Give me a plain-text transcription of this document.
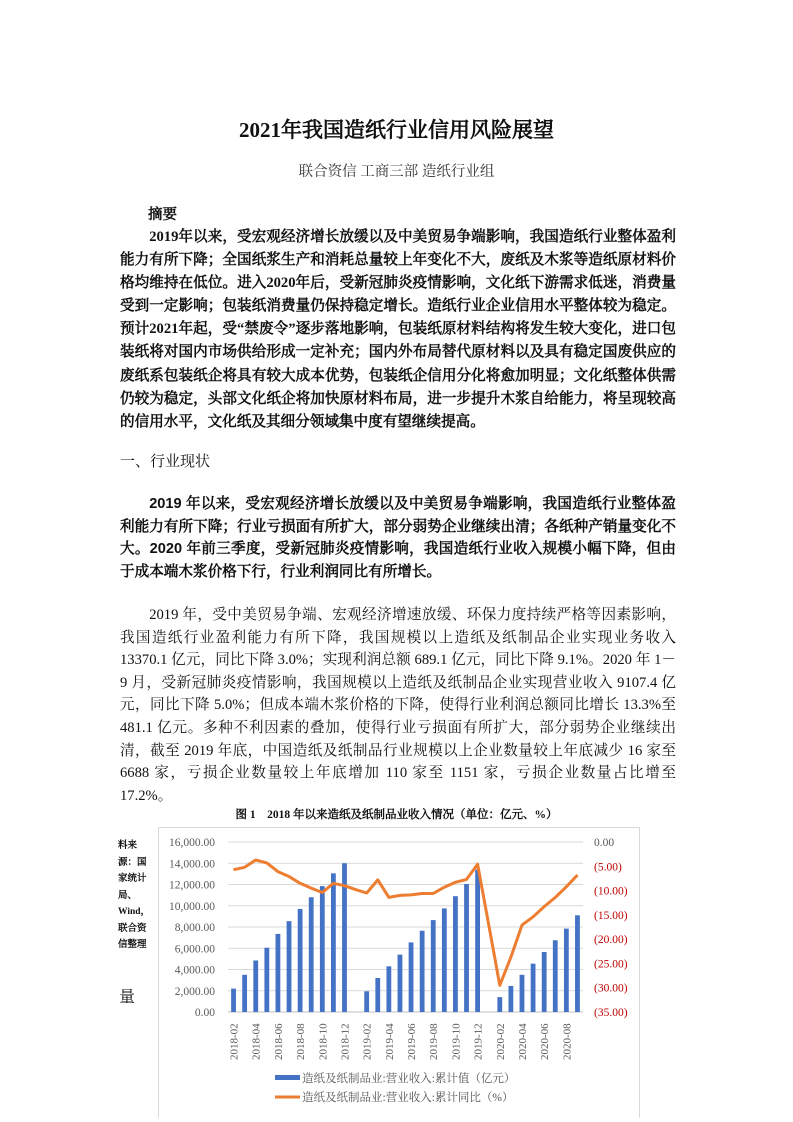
2021年我国造纸行业信用风险展望
联合资信 工商三部 造纸行业组
摘要

2019年以来，受宏观经济增长放缓以及中美贸易争端影响，我国造纸行业整体盈利能力有所下降；全国纸浆生产和消耗总量较上年变化不大，废纸及木浆等造纸原材料价格均维持在低位。进入2020年后，受新冠肺炎疫情影响，文化纸下游需求低迷，消费量受到一定影响；包装纸消费量仍保持稳定增长。造纸行业企业信用水平整体较为稳定。预计2021年起，受“禁废令”逐步落地影响，包装纸原材料结构将发生较大变化，进口包装纸将对国内市场供给形成一定补充；国内外布局替代原材料以及具有稳定国废供应的废纸系包装纸企将具有较大成本优势，包装纸企信用分化将愈加明显；文化纸整体供需仍较为稳定，头部文化纸企将加快原材料布局，进一步提升木浆自给能力，将呈现较高的信用水平，文化纸及其细分领域集中度有望继续提高。

一、行业现状

2019 年以来，受宏观经济增长放缓以及中美贸易争端影响，我国造纸行业整体盈利能力有所下降；行业亏损面有所扩大，部分弱势企业继续出清；各纸种产销量变化不大。2020 年前三季度，受新冠肺炎疫情影响，我国造纸行业收入规模小幅下降，但由于成本端木浆价格下行，行业利润同比有所增长。

2019 年，受中美贸易争端、宏观经济增速放缓、环保力度持续严格等因素影响，我国造纸行业盈利能力有所下降，我国规模以上造纸及纸制品企业实现业务收入 13370.1 亿元，同比下降 3.0%；实现利润总额 689.1 亿元，同比下降 9.1%。2020 年 1－9 月，受新冠肺炎疫情影响，我国规模以上造纸及纸制品企业实现营业收入 9107.4 亿元，同比下降 5.0%；但成本端木浆价格的下降，使得行业利润总额同比增长 13.3%至 481.1 亿元。多种不利因素的叠加，使得行业亏损面有所扩大，部分弱势企业继续出清，截至 2019 年底，中国造纸及纸制品行业规模以上企业数量较上年底减少 16 家至 6688 家，亏损企业数量较上年底增加 110 家至 1151 家，亏损企业数量占比增至 17.2%。

图 1　2018 年以来造纸及纸制品业收入情况（单位：亿元、%）
料来源：国家统计局、Wind，联合资信整理
量
0.00
2,000.00
4,000.00
6,000.00
8,000.00
10,000.00
12,000.00
14,000.00
16,000.00
(35.00)
(30.00)
(25.00)
(20.00)
(15.00)
(10.00)
(5.00)
0.00
2018-02 2018-04 2018-06 2018-08 2018-10 2018-12 2019-02 2019-04 2019-06 2019-08 2019-10 2019-12 2020-02 2020-04 2020-06 2020-08
造纸及纸制品业:营业收入:累计值（亿元）
造纸及纸制品业:营业收入:累计同比（%）
